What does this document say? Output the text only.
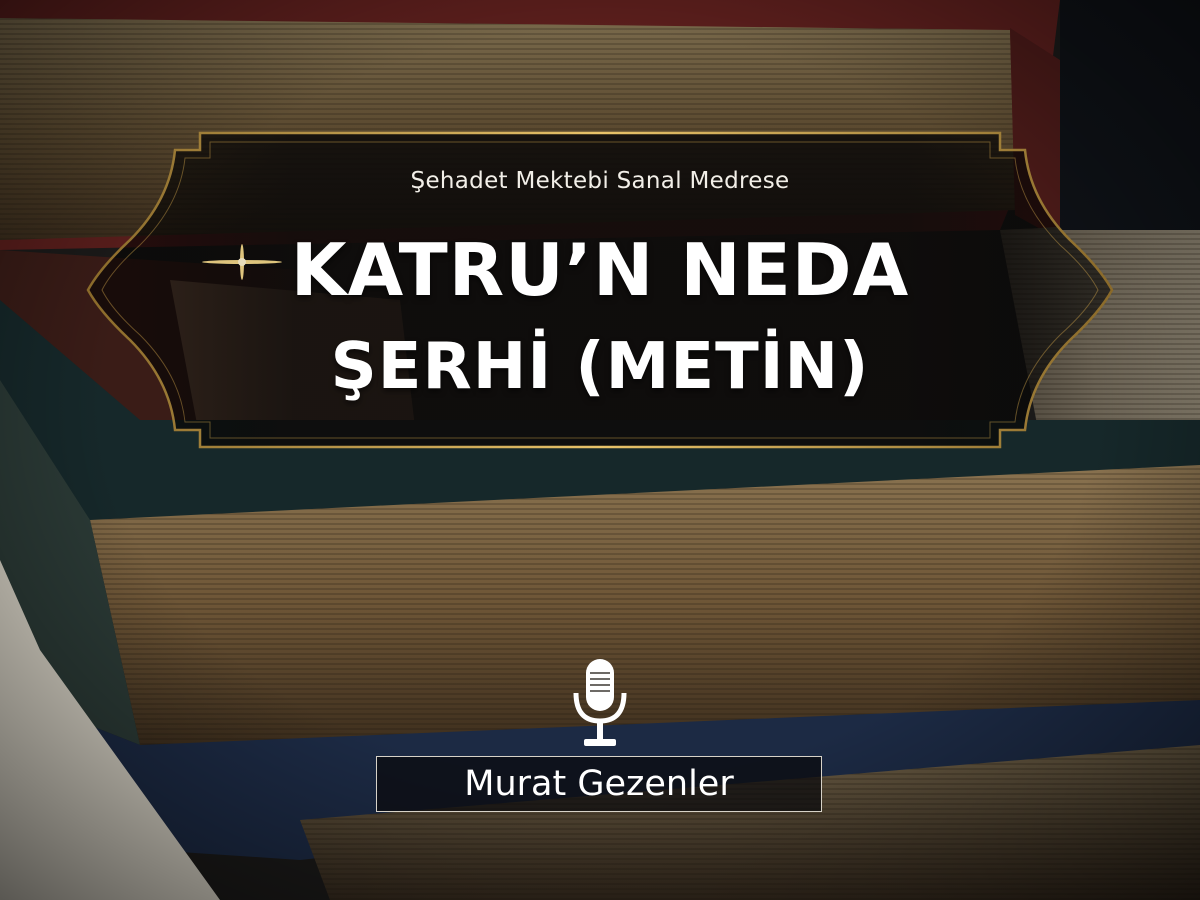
Şehadet Mektebi Sanal Medrese
KATRU’N NEDA
ŞERHİ (METİN)
Murat Gezenler
